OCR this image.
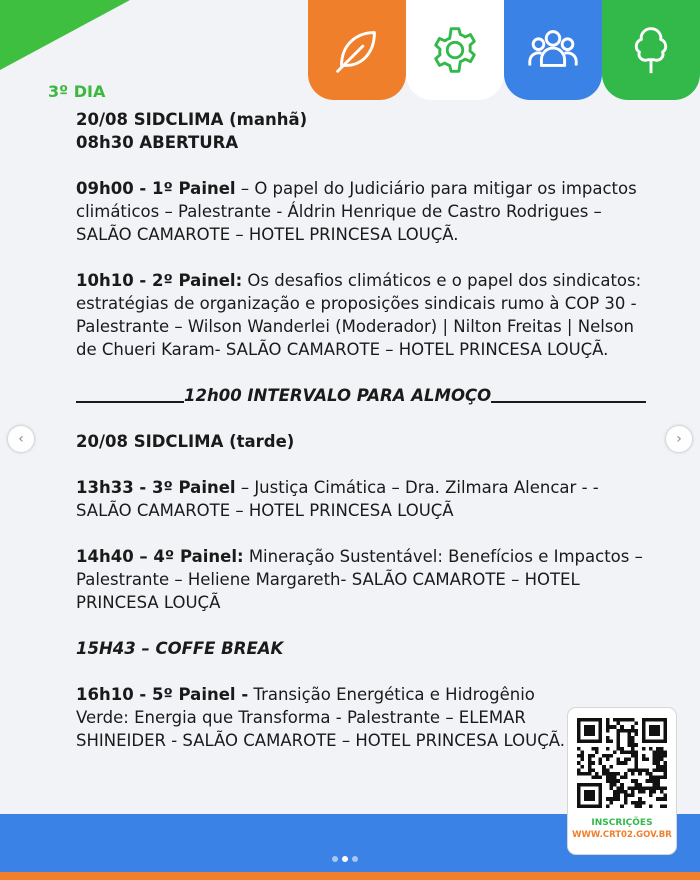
3º DIA
20/08 SIDCLIMA (manhã)
08h30 ABERTURA
09h00 - 1º Painel – O papel do Judiciário para mitigar os impactos climáticos – Palestrante - Áldrin Henrique de Castro Rodrigues – SALÃO CAMAROTE – HOTEL PRINCESA LOUÇÃ.
10h10 - 2º Painel: Os desafios climáticos e o papel dos sindicatos: estratégias de organização e proposições sindicais rumo à COP 30 - Palestrante – Wilson Wanderlei (Moderador) | Nilton Freitas | Nelson de Chueri Karam- SALÃO CAMAROTE – HOTEL PRINCESA LOUÇÃ.
12h00 INTERVALO PARA ALMOÇO
20/08 SIDCLIMA (tarde)
13h33 - 3º Painel – Justiça Cimática – Dra. Zilmara Alencar - - SALÃO CAMAROTE – HOTEL PRINCESA LOUÇÃ
14h40 – 4º Painel: Mineração Sustentável: Benefícios e Impactos – Palestrante – Heliene Margareth- SALÃO CAMAROTE – HOTEL PRINCESA LOUÇÃ
15H43 – COFFE BREAK
16h10 - 5º Painel - Transição Energética e Hidrogênio Verde: Energia que Transforma - Palestrante – ELEMAR SHINEIDER - SALÃO CAMAROTE – HOTEL PRINCESA LOUÇÃ.
INSCRIÇÕES
WWW.CRT02.GOV.BR
‹	›
